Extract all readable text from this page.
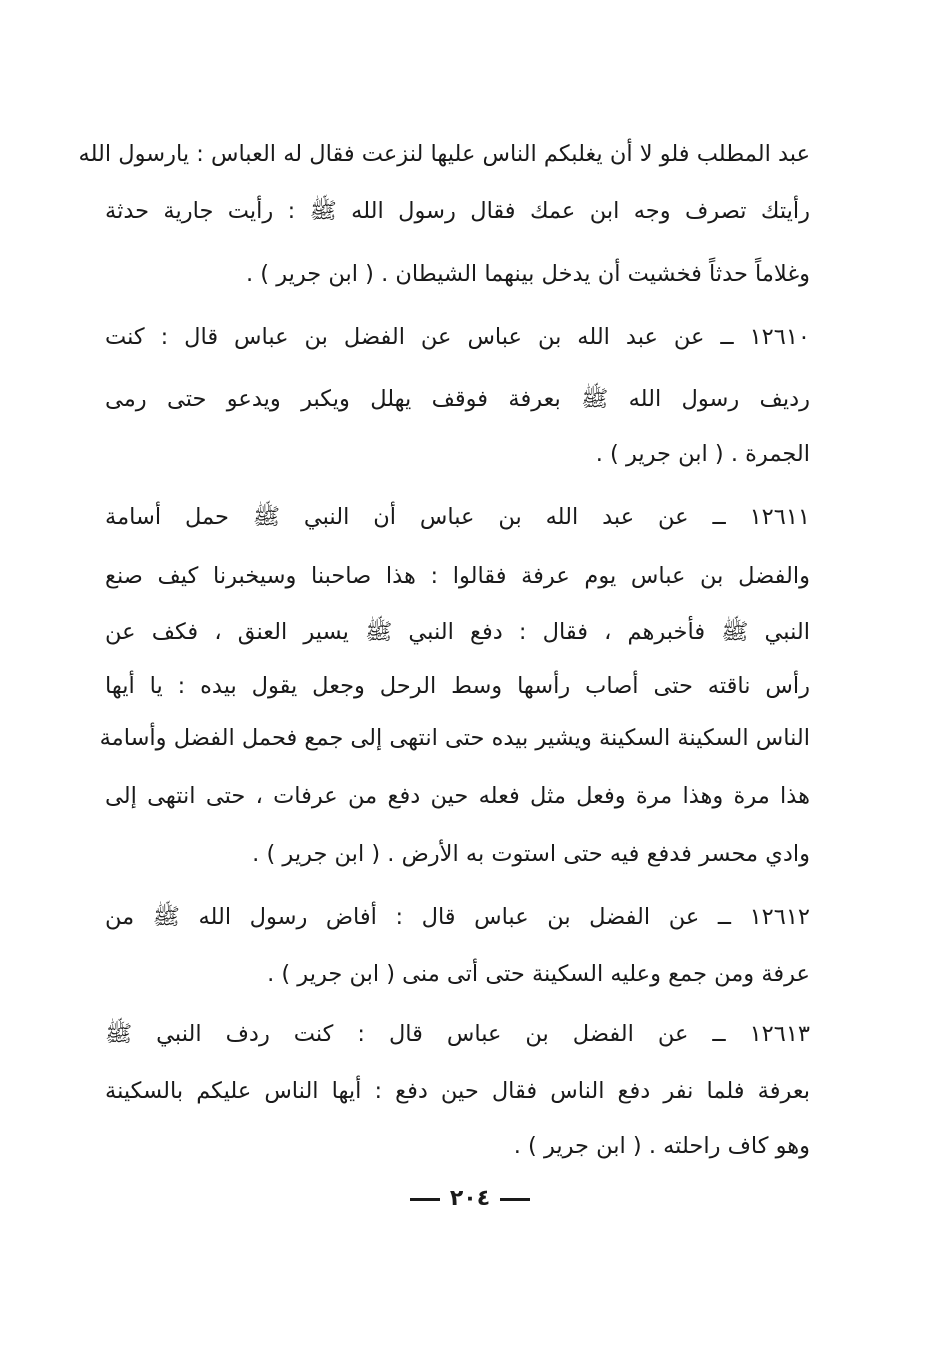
عبد المطلب فلو لا أن يغلبكم الناس عليها لنزعت فقال له العباس : يارسول الله
رأيتك تصرف وجه ابن عمك فقال رسول الله ﷺ : رأيت جارية حدثة
وغلاماً حدثاً فخشيت أن يدخل بينهما الشيطان . ( ابن جرير ) .
١٢٦١٠ ــ عن عبد الله بن عباس عن الفضل بن عباس قال : كنت
رديف رسول الله ﷺ بعرفة فوقف يهلل ويكبر ويدعو حتى رمى
الجمرة . ( ابن جرير ) .
١٢٦١١ ــ عن عبد الله بن عباس أن النبي ﷺ حمل أسامة
والفضل بن عباس يوم عرفة فقالوا : هذا صاحبنا وسيخبرنا كيف صنع
النبي ﷺ فأخبرهم ، فقال : دفع النبي ﷺ يسير العنق ، فكف عن
رأس ناقته حتى أصاب رأسها وسط الرحل وجعل يقول بيده : يا أيها
الناس السكينة السكينة ويشير بيده حتى انتهى إلى جمع فحمل الفضل وأسامة
هذا مرة وهذا مرة وفعل مثل فعله حين دفع من عرفات ، حتى انتهى إلى
وادي محسر فدفع فيه حتى استوت به الأرض . ( ابن جرير ) .
١٢٦١٢ ــ عن الفضل بن عباس قال : أفاض رسول الله ﷺ من
عرفة ومن جمع وعليه السكينة حتى أتى منى ( ابن جرير ) .
١٢٦١٣ ــ عن الفضل بن عباس قال : كنت ردف النبي ﷺ
بعرفة فلما نفر دفع الناس فقال حين دفع : أيها الناس عليكم بالسكينة
وهو كاف راحلته . ( ابن جرير ) .
٢٠٤
